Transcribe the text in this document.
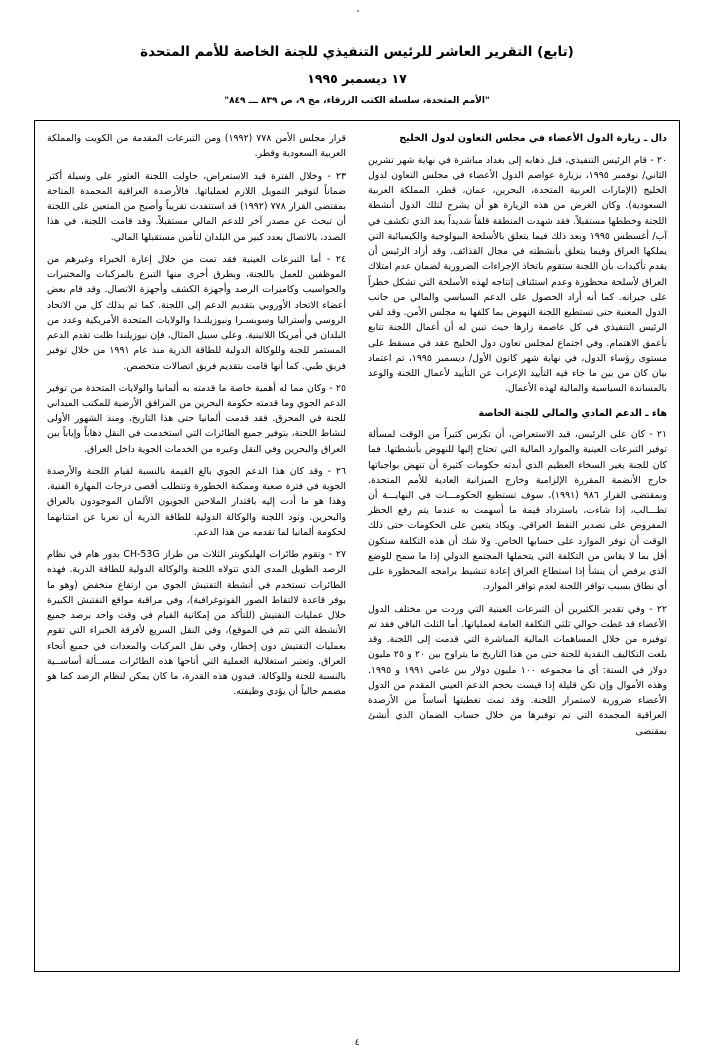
(تابع) التقرير العاشر للرئيس التنفيذي للجنة الخاصة للأمم المتحدة
١٧ ديسمبر ١٩٩٥
"الأمم المتحدة، سلسلة الكتب الزرقاء، مج ٩، ص ٨٣٩ ـــ ٨٤٩"
دال ـ زيارة الدول الأعضاء في مجلس التعاون لدول الخليج

٢٠ - قام الرئيس التنفيذي، قبل ذهابه إلى بغداد مباشرة في نهاية شهر تشرين الثاني/ نوفمبر ١٩٩٥، بزيارة عواصم الدول الأعضاء في مجلس التعاون لدول الخليج (الإمارات العربية المتحدة، البحرين، عمان، قطر، المملكة العربية السعودية). وكان الغرض من هذه الزيارة هو أن يشرح لتلك الدول أنشطة اللجنة وخططها مستقبلاً. فقد شهدت المنطقة قلقاً شديداً بعد الذي تكشف في آب/ أغسطس ١٩٩٥ وبعد ذلك فيما يتعلق بالأسلحة البيولوجية والكيميائية التي يملكها العراق وفيما يتعلق بأنشطته في مجال القذائف. وقد أراد الرئيس أن يقدم تأكيدات بأن اللجنة ستقوم باتخاذ الإجراءات الضرورية لضمان عدم امتلاك العراق لأسلحة محظورة وعدم استئناف إنتاجه لهذه الأسلحة التي تشكل خطراً على جيرانه. كما أنه أراد الحصول على الدعم السياسي والمالي من جانب الدول المعنية حتى تستطيع اللجنة النهوض بما كلفها به مجلس الأمن. وقد لقي الرئيس التنفيذي في كل عاصمة زارها حيث تبين له أن أعمال اللجنة تتابع بأعمق الاهتمام. وفي اجتماع لمجلس تعاون دول الخليج عقد في مسقط على مستوى رؤساء الدول، في نهاية شهر كانون الأول/ ديسمبر ١٩٩٥، تم اعتماد بيان كان من بين ما جاء فيه التأييد الإعراب عن التأييد لأعمال اللجنة والوعد بالمساندة السياسية والمالية لهذه الأعمال.

هاء ـ الدعم المادي والمالي للجنة الخاصة

٢١ - كان على الرئيس، قيد الاستعراض، أن تكرس كثيراً من الوقت لمسألة توفير التبرعات العينية والموارد المالية التي تحتاج إليها للنهوض بأنشطتها. فما كان للجنة يغير السخاء العظيم الذي أبدته حكومات كثيرة أن تنهض بواجباتها خارج الأنضمة المقررة الإلزامية وخارج الميزانية العادية للأمم المتحدة. وبمقتضى القرار ٩٨٦ (١٩٩١)، سوف تستطيع الحكومـــات في النهايـــة أن تطـــالب، إذا شاءت، باسترداد قيمة ما أسهمت به عندما يتم رفع الحظر المفروض على تصدير النفط العراقي. ويكاد يتعين على الحكومات حتى ذلك الوقت أن توفر الموارد على حسابها الخاص. ولا شك أن هذه التكلفة ستكون أقل بما لا يقاس من التكلفة التي يتحملها المجتمع الدولي إذا ما سمح للوضع الذي يرفض أن ينشأ إذا استطاع العراق إعادة تنشيط برامجه المحظورة على أي نطاق بسبب توافر اللجنة لعدم توافر الموارد.

٢٢ - وفي تقدير الكثيرين أن التبرعات العينية التي وردت من مختلف الدول الأعضاء قد غطت حوالي ثلثي التكلفة العامة لعملياتها. أما الثلث الباقي فقد تم توفيره من خلال المساهمات المالية المباشرة التي قدمت إلى اللجنة. وقد بلغت التكاليف النقدية للجنة حتى من هذا التاريخ ما يتراوح بين ٢٠ و ٢٥ مليون دولار في السنة: أي ما مجموعه ١٠٠ مليون دولار بين عامي ١٩٩١ و ١٩٩٥. وهذه الأموال وإن تكن قليلة إذا قيست بحجم الدعم العيني المقدم من الدول الأعضاء ضرورية لاستمرار اللجنة. وقد تمت تغطيتها أساساً من الأرصدة العراقية المجمدة التي تم توفيرها من خلال حساب الضمان الذي أنشئ بمقتضى

قرار مجلس الأمن ٧٧٨ (١٩٩٢) ومن التبرعات المقدمة من الكويت والمملكة العربية السعودية وقطر.

٢٣ - وخلال الفترة قيد الاستعراض، حاولت اللجنة العثور على وسيلة أكثر ضماناً لتوفير التمويل اللازم لعملياتها. فالأرصدة العراقية المجمدة المتاحة بمقتضى القرار ٧٧٨ (١٩٩٢) قد استنفدت تقريباً وأصبح من المتعين على اللجنة أن تبحث عن مصدر آخر للدعم المالي مستقبلاً. وقد قامت اللجنة، في هذا الصدد، بالاتصال بعدد كبير من البلدان لتأمين مستقبلها المالي.

٢٤ - أما التبرعات العينية فقد تمت من خلال إعارة الخبراء وغيرهم من الموظفين للعمل باللجنة، وبطرق أخرى منها التبرع بالمركبات والمختبرات والحواسيب وكاميرات الرصد وأجهزة الكشف وأجهزة الاتصال. وقد قام بعض أعضاء الاتحاد الأوروبي بتقديم الدعم إلى اللجنة. كما تم بذلك كل من الاتحاد الروسي وأستراليا وسويسـرا ونيوزيلنـدا والولايات المتحدة الأمريكية وعدد من البلدان في أمريكا اللاتينية. وعلى سبيل المثال، فإن نيوزيلندا ظلت تقدم الدعم المستمر للجنة وللوكالة الدولية للطاقة الذرية منذ عام ١٩٩١ من خلال توفير فريق طبي. كما أنها قامت بتقديم فريق اتصالات متخصص.

٢٥ - وكان مما له أهمية خاصة ما قدمته به ألمانيا والولايات المتحدة من توفير الدعم الجوي وما قدمته حكومة البحرين من المرافق الأرضية للمكتب الميداني للجنة في المحرق. فقد قدمت ألمانيا حتى هذا التاريخ، ومنذ الشهور الأولى لنشاط اللجنة، بتوفير جميع الطائرات التي استخدمت في النقل ذهاباً وإياباً بين العراق والبحرين وفي النقل وغيره من الخدمات الجوية داخل العراق.

٢٦ - وقد كان هذا الدعم الجوي بالغ القيمة بالنسبة لقيام اللجنة والأرصدة الجوية في فترة صعبة وممكنة الخطورة وتتطلب أقصى درجات المهارة الفنية. وهذا هو ما أدت إليه باقتدار الملاحين الجويون الألمان الموجودون بالعراق والبحرين. وتود اللجنة والوكالة الدولية للطاقة الذرية أن تعربا عن امتنانهما لحكومة ألمانيا لما تقدمه من هذا الدعم.

٢٧ - وتقوم طائرات الهليكوبتر الثلاث من طراز CH-53G بدور هام في نظام الرصد الطويل المدى الذي تتولاه اللجنة والوكالة الدولية للطاقة الذرية. فهذه الطائرات تستخدم في أنشطة التفتيش الجوي من ارتفاع منخفض (وهو ما يوفر قاعدة لالتقاط الصور الفوتوغرافية)، وفي مراقبة مواقع التفتيش الكبيرة خلال عمليات التفتيش (للتأكد من إمكانية القيام في وقت واحد برصد جميع الأنشطة التي تتم في الموقع)، وفي النقل السريع لأفرقة الخبراء التي تقوم بعمليات التفتيش دون إخطار، وفي نقل المركبات والمعدات في جميع أنحاء العراق. وتعتبر استغلالية العملية التي أتاحها هذه الطائرات مســألة أساســية بالنسبة للجنة وللوكالة. فبدون هذه القدرة، ما كان يمكن لنظام الرصد كما هو مصمم حالياً أن يؤدي وظيفته.

٤
